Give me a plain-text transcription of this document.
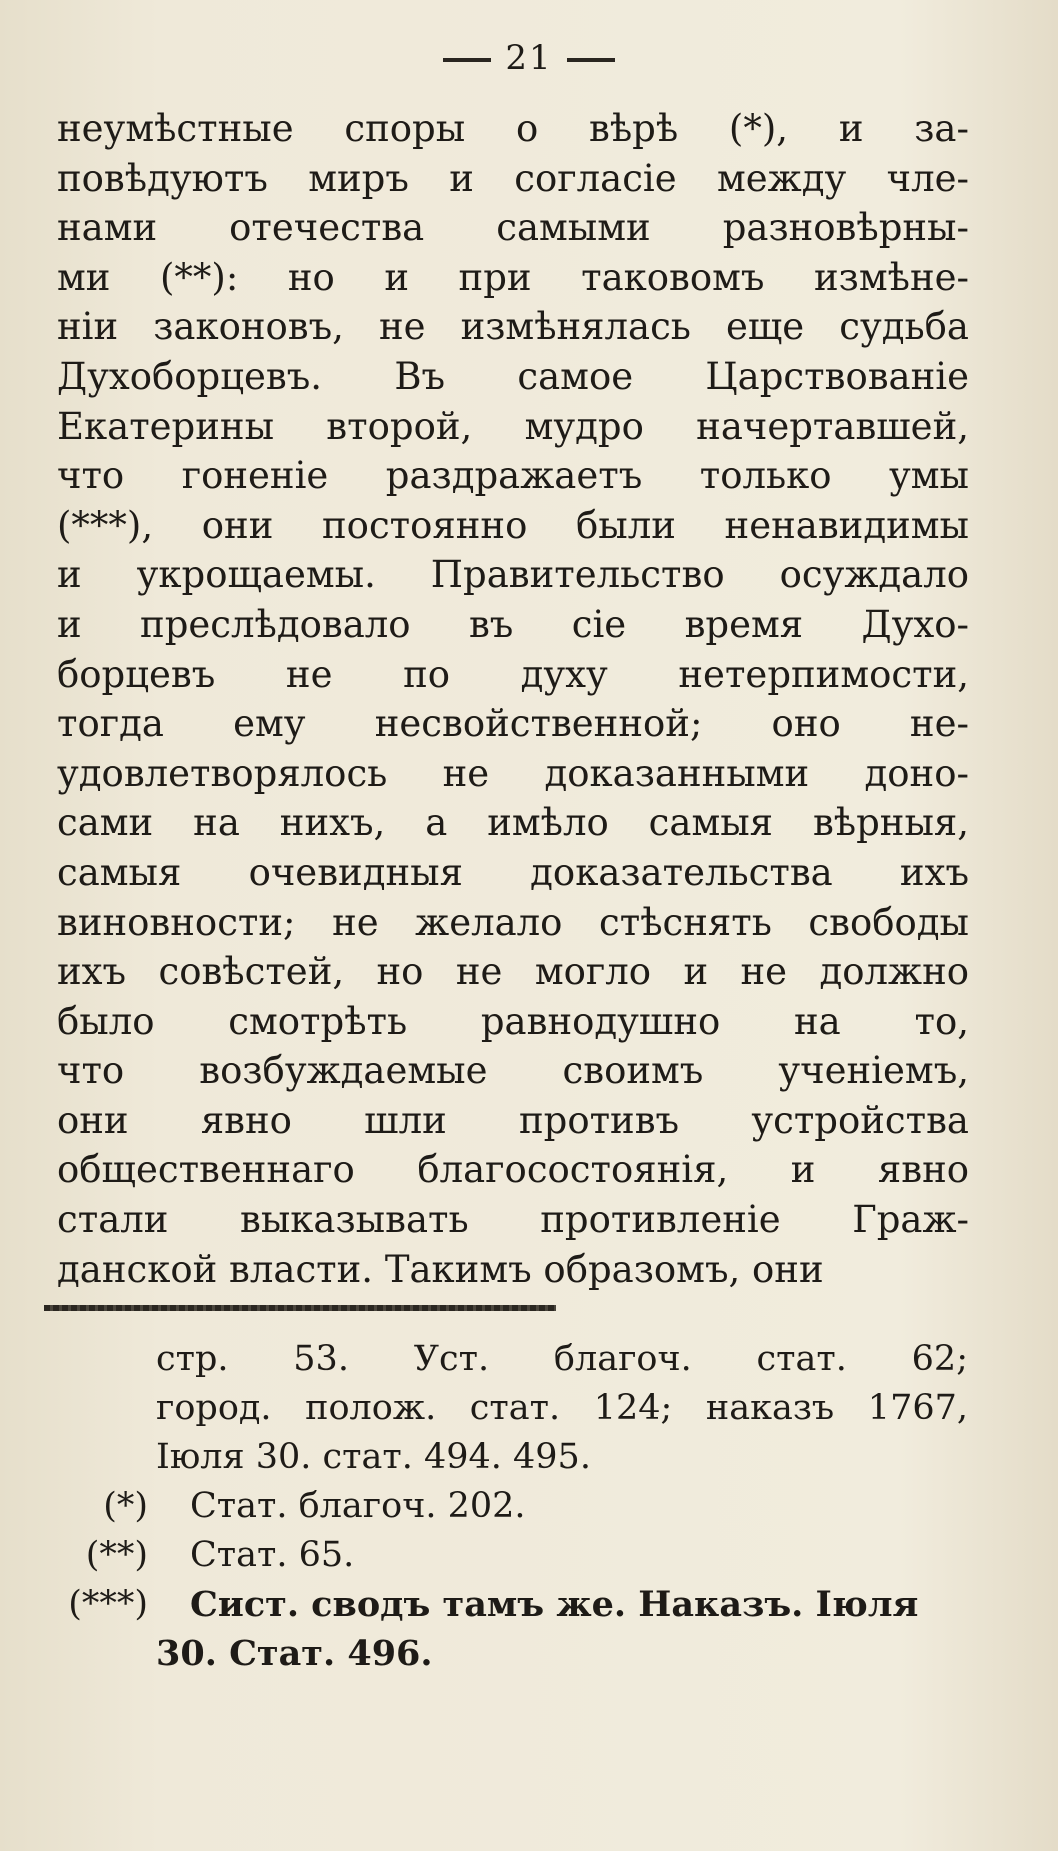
21
неумѣстные споры о вѣрѣ (*), и за-
повѣдуютъ миръ и согласіе между чле-
нами отечества самыми разновѣрны-
ми (**): но и при таковомъ измѣне-
ніи законовъ, не измѣнялась еще судьба
Духоборцевъ. Въ самое Царствованіе
Екатерины второй, мудро начертавшей,
что гоненіе раздражаетъ только умы
(***), они постоянно были ненавидимы
и укрощаемы. Правительство осуждало
и преслѣдовало въ сіе время Духо-
борцевъ не по духу нетерпимости,
тогда ему несвойственной; оно не-
удовлетворялось не доказанными доно-
сами на нихъ, а имѣло самыя вѣрныя,
самыя очевидныя доказательства ихъ
виновности; не желало стѣснять свободы
ихъ совѣстей, но не могло и не должно
было смотрѣть равнодушно на то,
что возбуждаемые своимъ ученіемъ,
они явно шли противъ устройства
общественнаго благосостоянія, и явно
стали выказывать противленіе Граж-
данской власти. Такимъ образомъ, они
стр. 53. Уст. благоч. стат. 62;
город. полож. стат. 124; наказъ 1767,
Іюля 30. стат. 494. 495.
(*) Стат. благоч. 202.
(**) Стат. 65.
(***) Сист. сводъ тамъ же. Наказъ. Іюля
30. Стат. 496.
